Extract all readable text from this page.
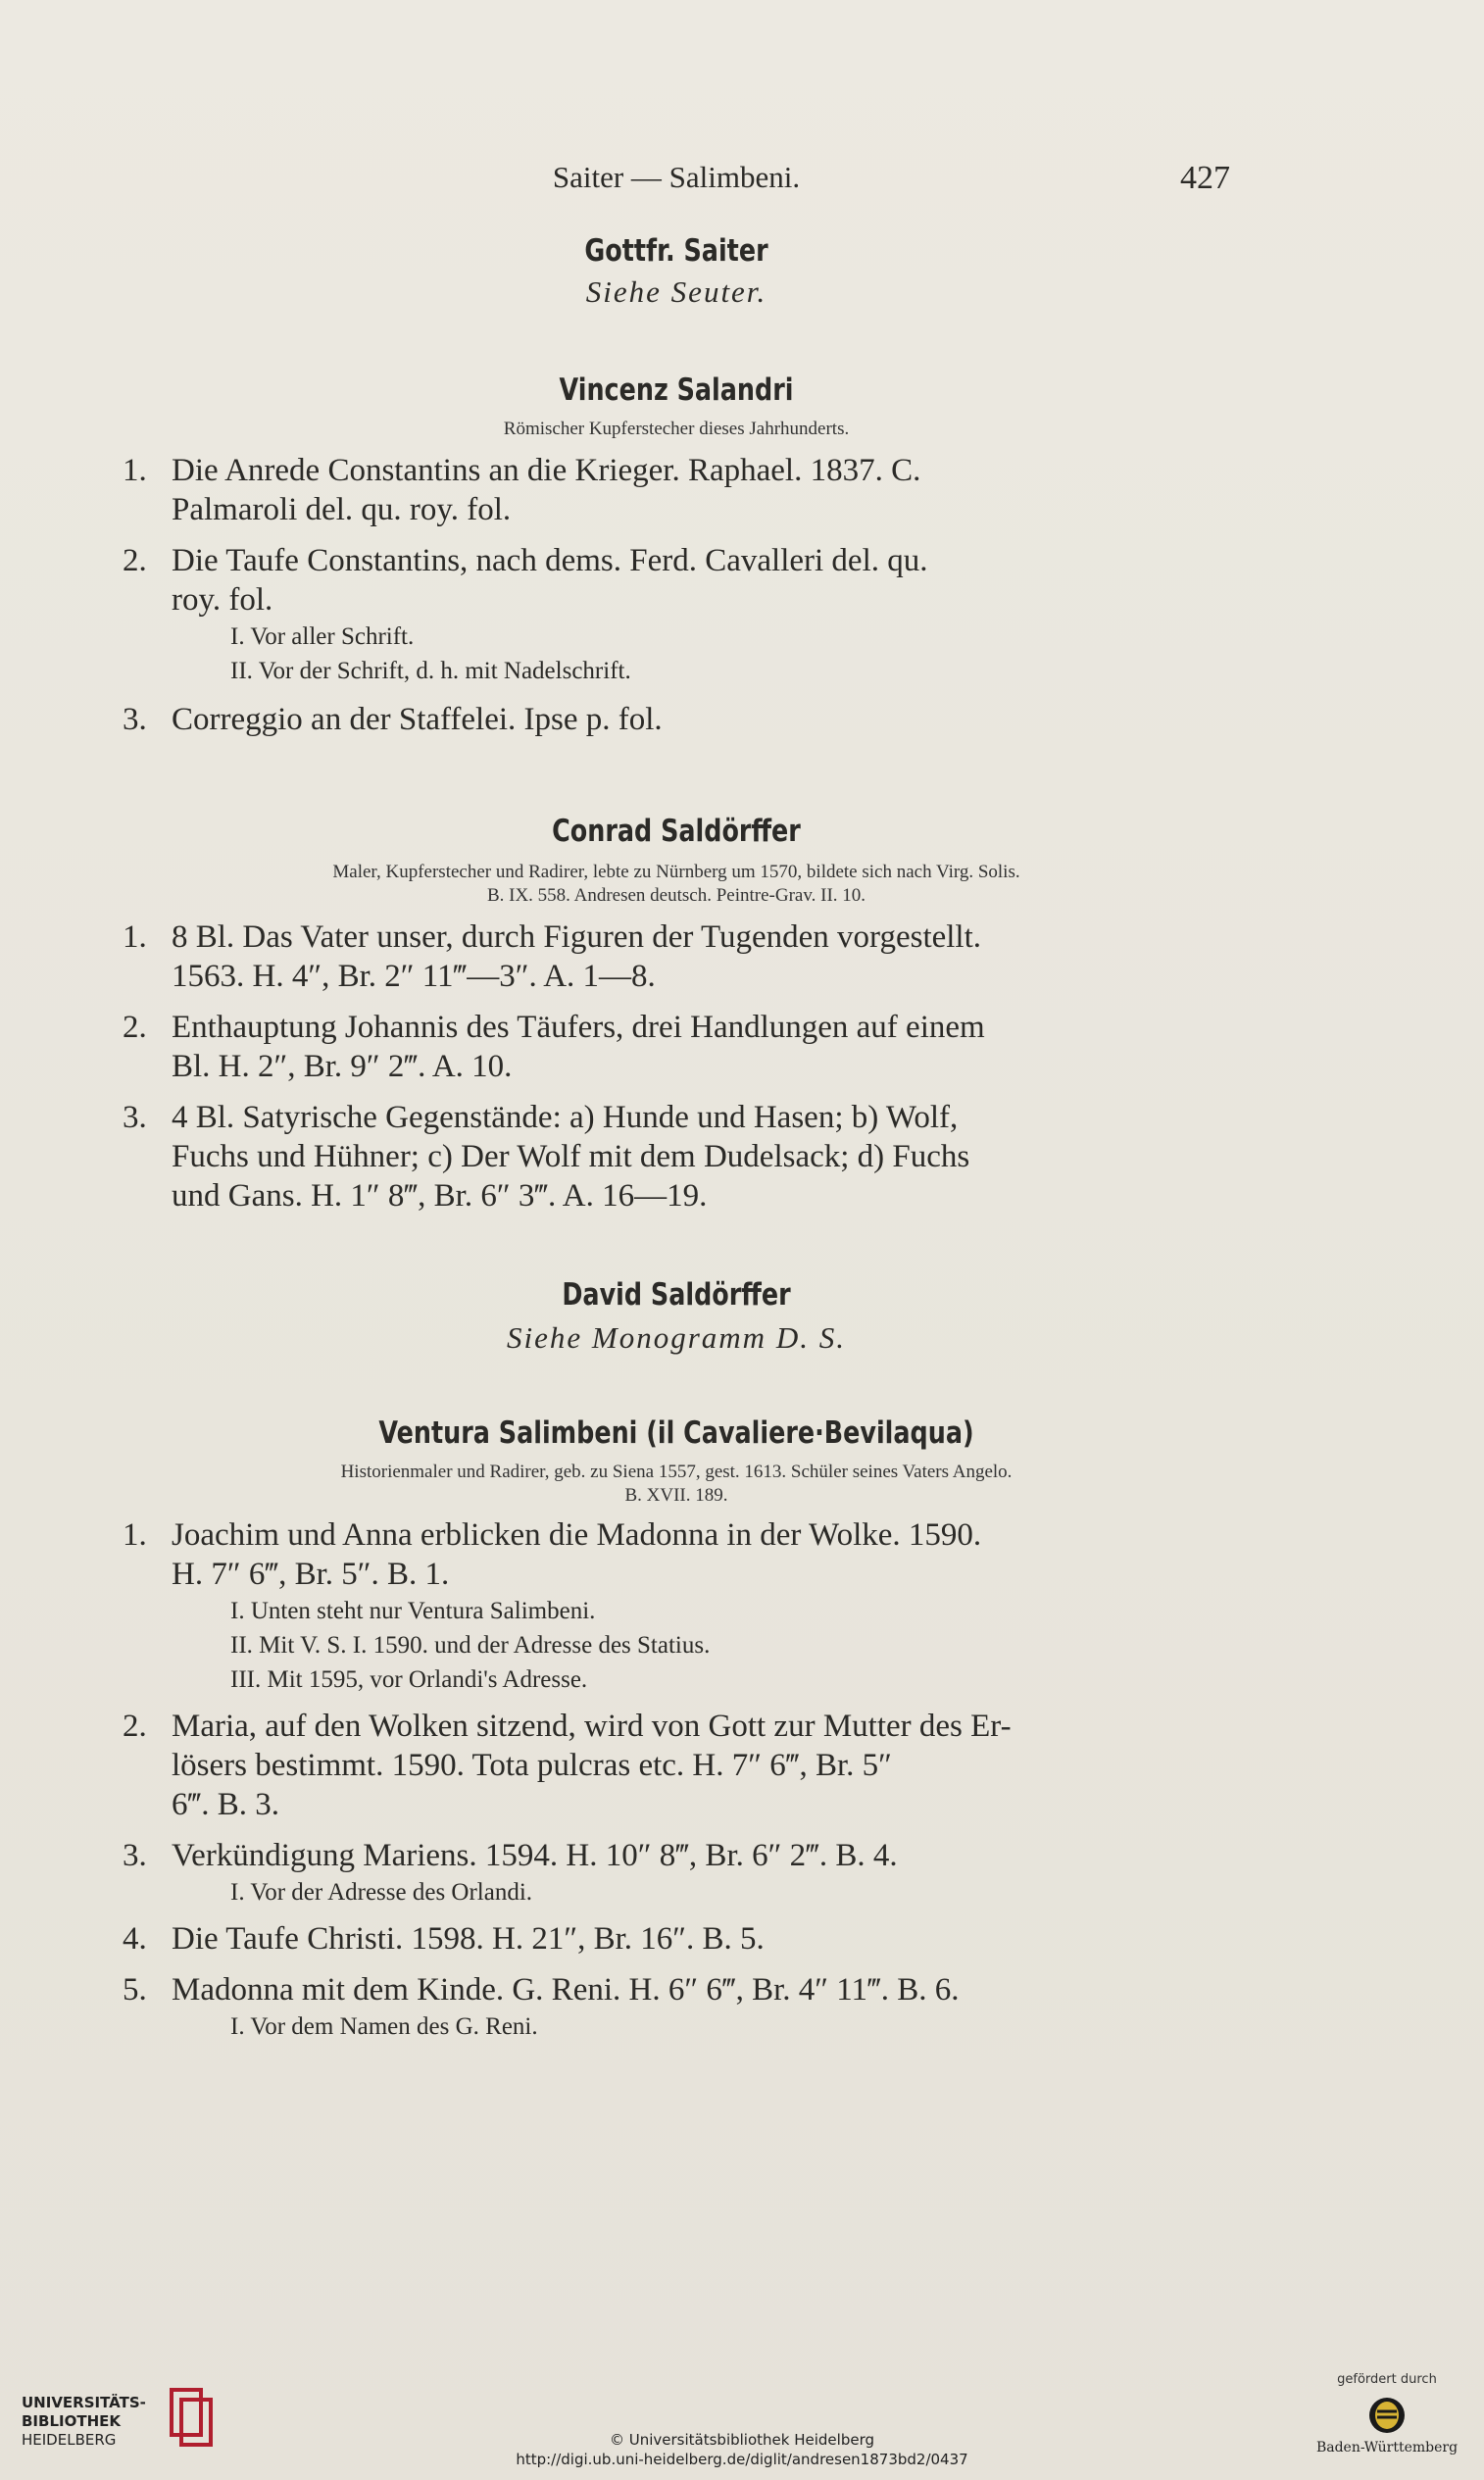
Saiter — Salimbeni.	427
Gottfr. Saiter
Siehe Seuter.
Vincenz Salandri
Römischer Kupferstecher dieses Jahrhunderts.
1. Die Anrede Constantins an die Krieger. Raphael. 1837. C.
Palmaroli del. qu. roy. fol.
2. Die Taufe Constantins, nach dems. Ferd. Cavalleri del. qu.
roy. fol.
I. Vor aller Schrift.
II. Vor der Schrift, d. h. mit Nadelschrift.
3. Correggio an der Staffelei. Ipse p. fol.
Conrad Saldörffer
Maler, Kupferstecher und Radirer, lebte zu Nürnberg um 1570, bildete sich nach Virg. Solis.
B. IX. 558. Andresen deutsch. Peintre-Grav. II. 10.
1. 8 Bl. Das Vater unser, durch Figuren der Tugenden vorgestellt.
1563. H. 4″, Br. 2″ 11‴—3″. A. 1—8.
2. Enthauptung Johannis des Täufers, drei Handlungen auf einem
Bl. H. 2″, Br. 9″ 2‴. A. 10.
3. 4 Bl. Satyrische Gegenstände: a) Hunde und Hasen; b) Wolf,
Fuchs und Hühner; c) Der Wolf mit dem Dudelsack; d) Fuchs
und Gans. H. 1″ 8‴, Br. 6″ 3‴. A. 16—19.
David Saldörffer
Siehe Monogramm D. S.
Ventura Salimbeni (il Cavaliere·Bevilaqua)
Historienmaler und Radirer, geb. zu Siena 1557, gest. 1613. Schüler seines Vaters Angelo.
B. XVII. 189.
1. Joachim und Anna erblicken die Madonna in der Wolke. 1590.
H. 7″ 6‴, Br. 5″. B. 1.
I. Unten steht nur Ventura Salimbeni.
II. Mit V. S. I. 1590. und der Adresse des Statius.
III. Mit 1595, vor Orlandi's Adresse.
2. Maria, auf den Wolken sitzend, wird von Gott zur Mutter des Er-
lösers bestimmt. 1590. Tota pulcras etc. H. 7″ 6‴, Br. 5″
6‴. B. 3.
3. Verkündigung Mariens. 1594. H. 10″ 8‴, Br. 6″ 2‴. B. 4.
I. Vor der Adresse des Orlandi.
4. Die Taufe Christi. 1598. H. 21″, Br. 16″. B. 5.
5. Madonna mit dem Kinde. G. Reni. H. 6″ 6‴, Br. 4″ 11‴. B. 6.
I. Vor dem Namen des G. Reni.
UNIVERSITÄTS-
BIBLIOTHEK
HEIDELBERG	© Universitätsbibliothek Heidelberg
http://digi.ub.uni-heidelberg.de/diglit/andresen1873bd2/0437
gefördert durch
Baden-Württemberg
